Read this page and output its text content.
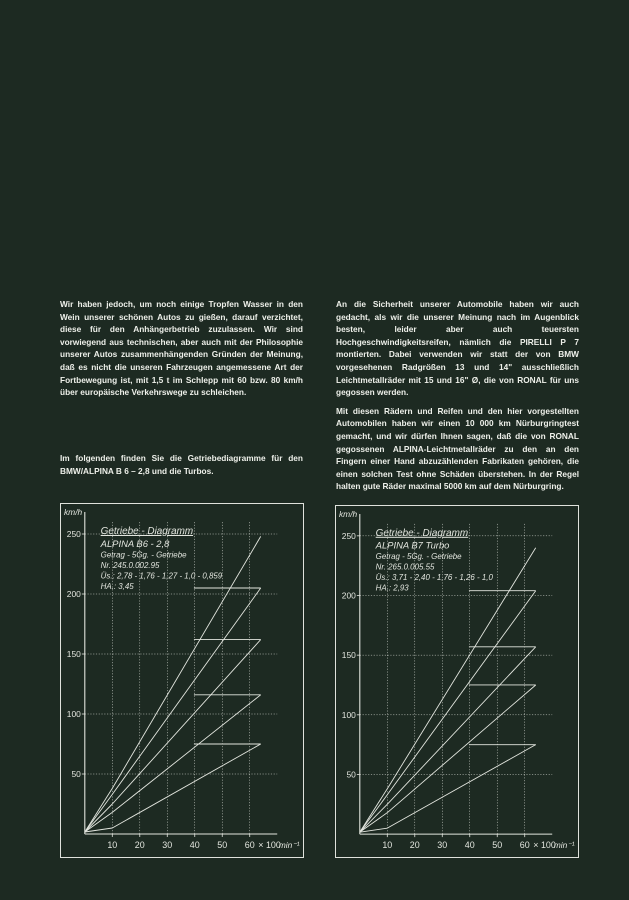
Wir haben jedoch, um noch einige Tropfen Wasser in den Wein unserer schönen Autos zu gießen, darauf verzichtet, diese für den Anhängerbetrieb zuzulassen. Wir sind vorwiegend aus technischen, aber auch mit der Philosophie unserer Autos zusammenhängenden Gründen der Meinung, daß es nicht die unseren Fahrzeugen angemessene Art der Fortbewegung ist, mit 1,5 t im Schlepp mit 60 bzw. 80 km/h über europäische Verkehrswege zu schleichen.

Im folgenden finden Sie die Getriebediagramme für den BMW/ALPINA B 6 – 2,8 und die Turbos.

An die Sicherheit unserer Automobile haben wir auch gedacht, als wir die unserer Meinung nach im Augenblick besten, leider aber auch teuersten Hochgeschwindigkeitsreifen, nämlich die PIRELLI P 7 montierten. Dabei verwenden wir statt der von BMW vorgesehenen Radgrößen 13 und 14" ausschließlich Leichtmetallräder mit 15 und 16" Ø, die von RONAL für uns gegossen werden.

Mit diesen Rädern und Reifen und den hier vorgestellten Automobilen haben wir einen 10 000 km Nürburgringtest gemacht, und wir dürfen Ihnen sagen, daß die von RONAL gegossenen ALPINA-Leichtmetallräder zu den an den Fingern einer Hand abzuzählenden Fabrikaten gehören, die einen solchen Test ohne Schäden überstehen. In der Regel halten gute Räder maximal 5000 km auf dem Nürburgring.

50
100
150
200
250
10 20 30 40 50 60 × 100
min⁻¹
km/h
Getriebe - Diagramm
ALPINA B6 - 2,8
Getrag - 5Gg. - Getriebe
Nr. 245.0.002.95
Üs.: 2,78 - 1,76 - 1,27 - 1,0 - 0,859
HA.: 3,45
50
100
150
200
250
10 20 30 40 50 60 × 100
min⁻¹
km/h
Getriebe - Diagramm
ALPINA B7 Turbo
Getrag - 5Gg. - Getriebe
Nr. 265.0.005.55
Üs.: 3,71 - 2,40 - 1,76 - 1,26 - 1,0
HA.: 2,93
